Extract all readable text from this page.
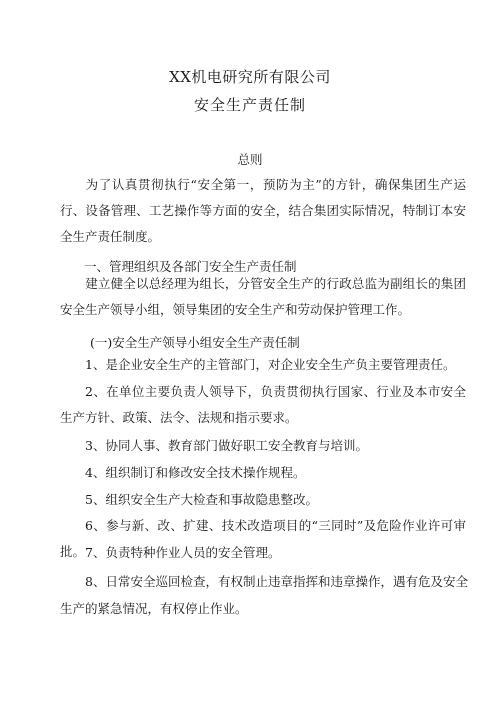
XX机电研究所有限公司
安全生产责任制
总则

为了认真贯彻执行“安全第一，预防为主”的方针，确保集团生产运行、设备管理、工艺操作等方面的安全，结合集团实际情况，特制订本安全生产责任制度。

一、管理组织及各部门安全生产责任制

建立健全以总经理为组长，分管安全生产的行政总监为副组长的集团安全生产领导小组，领导集团的安全生产和劳动保护管理工作。

(一)安全生产领导小组安全生产责任制

1、是企业安全生产的主管部门，对企业安全生产负主要管理责任。

2、在单位主要负责人领导下，负责贯彻执行国家、行业及本市安全生产方针、政策、法令、法规和指示要求。

3、协同人事、教育部门做好职工安全教育与培训。

4、组织制订和修改安全技术操作规程。

5、组织安全生产大检查和事故隐患整改。

6、参与新、改、扩建、技术改造项目的“三同时”及危险作业许可审批。 7、负责特种作业人员的安全管理。

8、日常安全巡回检查，有权制止违章指挥和违章操作，遇有危及安全
生产的紧急情况，有权停止作业。
